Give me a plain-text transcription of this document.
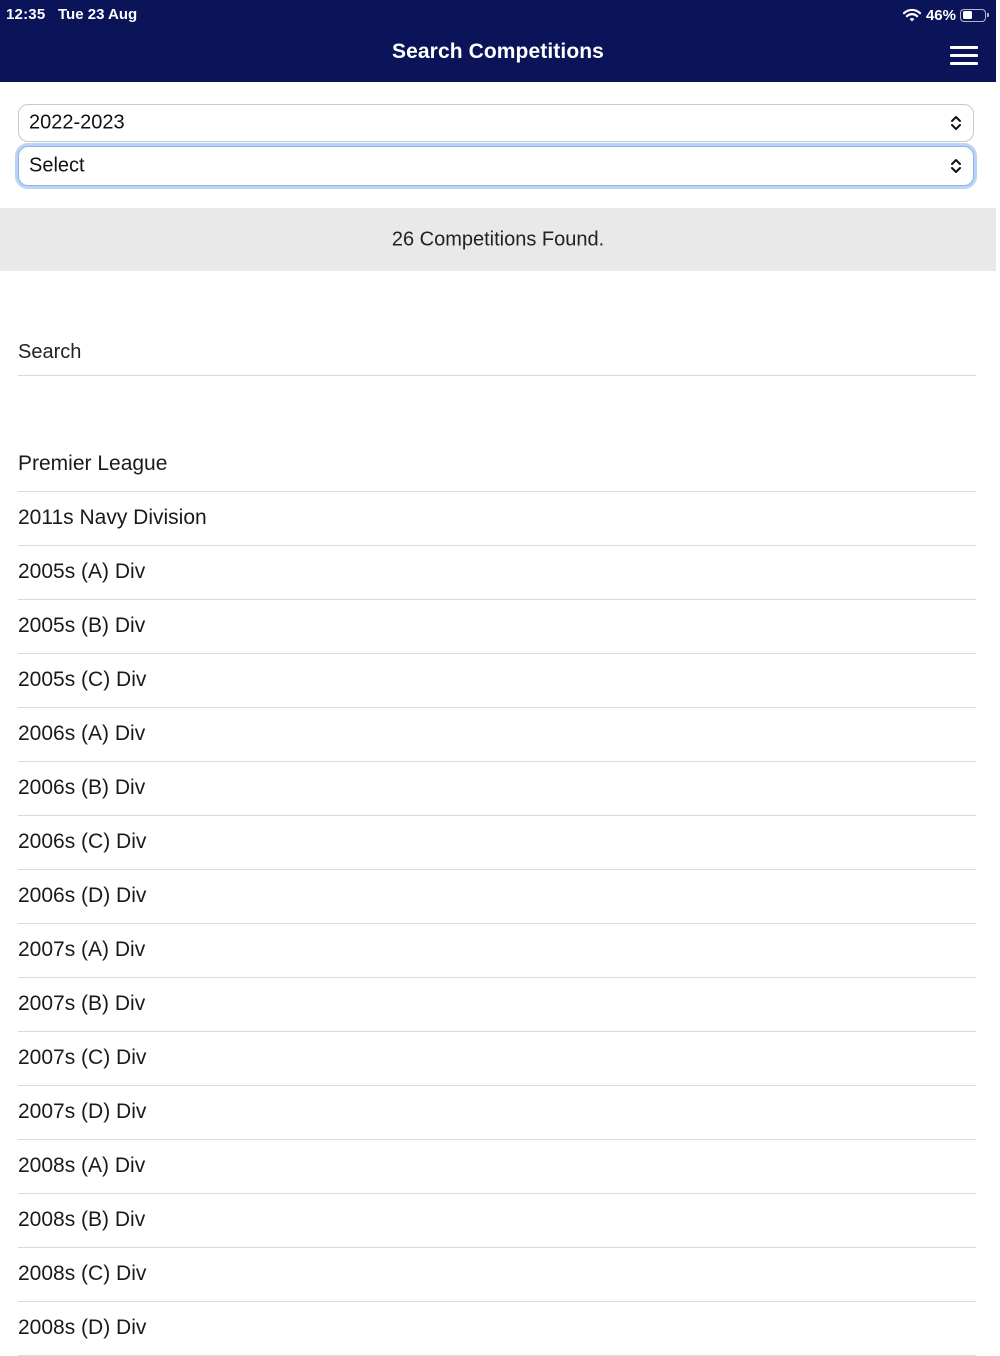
12:35 Tue 23 Aug	46%
Search Competitions
2022-2023
Select
26 Competitions Found.
Search
Premier League
2011s Navy Division
2005s (A) Div
2005s (B) Div
2005s (C) Div
2006s (A) Div
2006s (B) Div
2006s (C) Div
2006s (D) Div
2007s (A) Div
2007s (B) Div
2007s (C) Div
2007s (D) Div
2008s (A) Div
2008s (B) Div
2008s (C) Div
2008s (D) Div
